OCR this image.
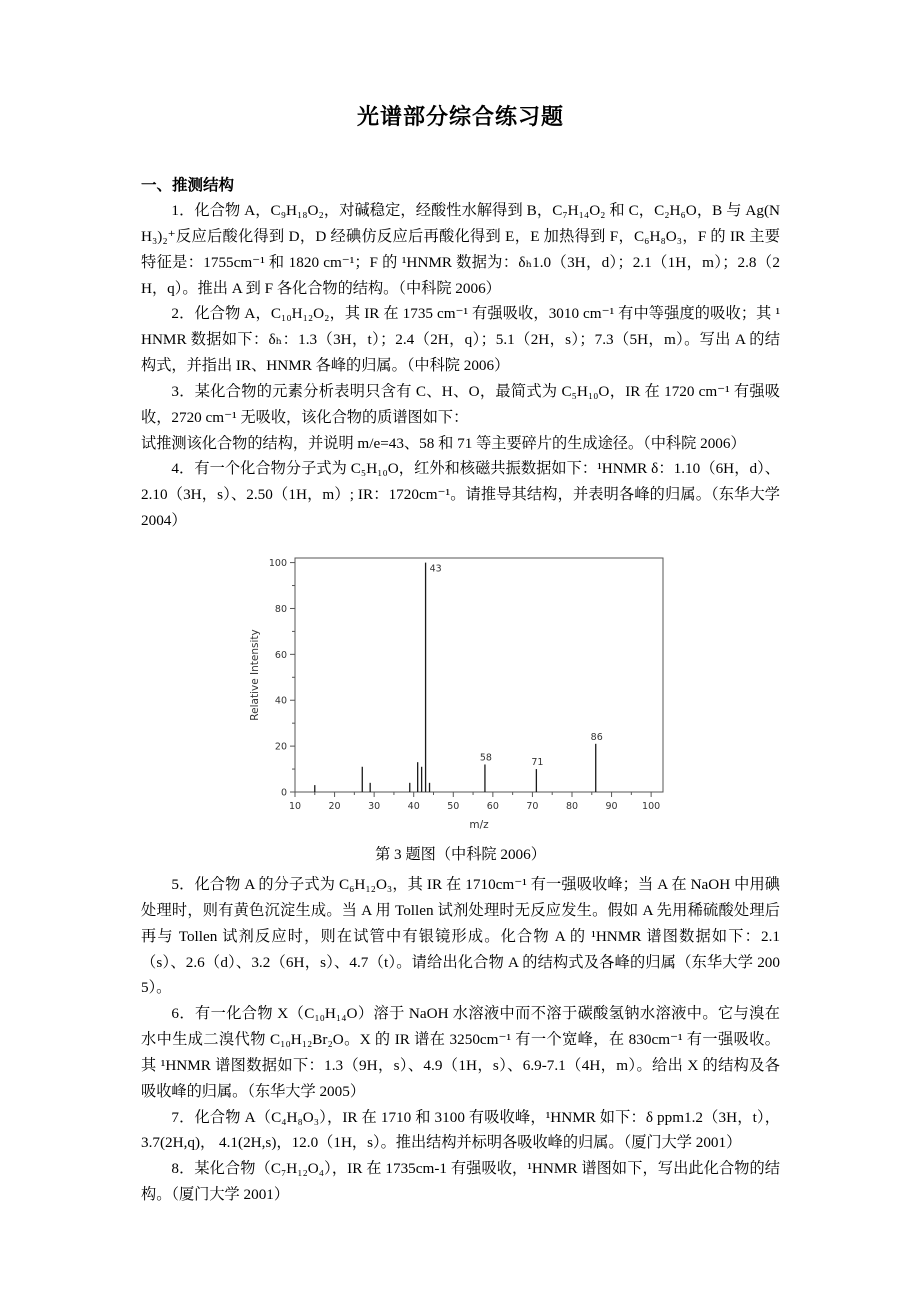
光谱部分综合练习题
一、推测结构

1．化合物 A，C₉H₁₈O₂，对碱稳定，经酸性水解得到 B，C₇H₁₄O₂ 和 C，C₂H₆O，B 与 Ag(NH₃)₂⁺反应后酸化得到 D，D 经碘仿反应后再酸化得到 E，E 加热得到 F，C₆H₈O₃，F 的 IR 主要特征是：1755cm⁻¹ 和 1820 cm⁻¹；F 的 ¹HNMR 数据为：δₕ1.0（3H，d）；2.1（1H，m）；2.8（2H，q）。推出 A 到 F 各化合物的结构。（中科院 2006）

2．化合物 A，C₁₀H₁₂O₂，其 IR 在 1735 cm⁻¹ 有强吸收，3010 cm⁻¹ 有中等强度的吸收；其 ¹HNMR 数据如下：δₕ：1.3（3H，t）；2.4（2H，q）；5.1（2H，s）；7.3（5H，m）。写出 A 的结构式，并指出 IR、HNMR 各峰的归属。（中科院 2006）

3．某化合物的元素分析表明只含有 C、H、O，最简式为 C₅H₁₀O，IR 在 1720 cm⁻¹ 有强吸收，2720 cm⁻¹ 无吸收，该化合物的质谱图如下：

试推测该化合物的结构，并说明 m/e=43、58 和 71 等主要碎片的生成途径。（中科院 2006）

4．有一个化合物分子式为 C₅H₁₀O，红外和核磁共振数据如下：¹HNMR δ：1.10（6H，d）、2.10（3H，s）、2.50（1H，m）; IR：1720cm⁻¹。请推导其结构，并表明各峰的归属。（东华大学 2004）

0
20
40
60
80
100
10	20	30	40	50	60	70	80	90	100
43
58	71
86
m/z
Relative Intensity

第 3 题图（中科院 2006）

5．化合物 A 的分子式为 C₆H₁₂O₃，其 IR 在 1710cm⁻¹ 有一强吸收峰；当 A 在 NaOH 中用碘处理时，则有黄色沉淀生成。当 A 用 Tollen 试剂处理时无反应发生。假如 A 先用稀硫酸处理后再与 Tollen 试剂反应时，则在试管中有银镜形成。化合物 A 的 ¹HNMR 谱图数据如下：2.1（s）、2.6（d）、3.2（6H，s）、4.7（t）。请给出化合物 A 的结构式及各峰的归属（东华大学 2005）。

6．有一化合物 X（C₁₀H₁₄O）溶于 NaOH 水溶液中而不溶于碳酸氢钠水溶液中。它与溴在水中生成二溴代物 C₁₀H₁₂Br₂O。X 的 IR 谱在 3250cm⁻¹ 有一个宽峰，在 830cm⁻¹ 有一强吸收。其 ¹HNMR 谱图数据如下：1.3（9H，s）、4.9（1H，s）、6.9-7.1（4H，m）。给出 X 的结构及各吸收峰的归属。（东华大学 2005）

7．化合物 A（C₄H₈O₃），IR 在 1710 和 3100 有吸收峰，¹HNMR 如下：δ ppm1.2（3H，t），3.7(2H,q)， 4.1(2H,s)，12.0（1H，s）。推出结构并标明各吸收峰的归属。（厦门大学 2001）

8．某化合物（C₇H₁₂O₄），IR 在 1735cm-1 有强吸收，¹HNMR 谱图如下，写出此化合物的结构。（厦门大学 2001）
